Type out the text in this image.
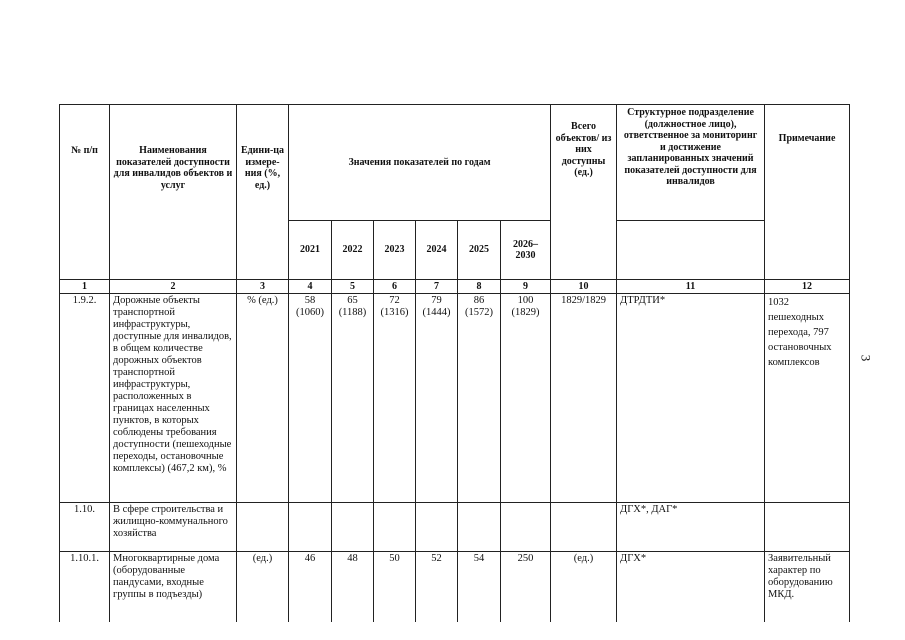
№ п/п	Наименования показателей доступности для инвалидов объектов и услуг	Едини-ца измере-ния (%, ед.)	Значения показателей по годам						Всего объектов/ из них доступны (ед.)	Структурное подразделение (должностное лицо), ответственное за мониторинг и достижение запланированных значений показателей доступности для инвалидов	Примечание
			2021	2022	2023	2024	2025	2026–2030			
1	2	3	4	5	6	7	8	9	10	11	12
1.9.2.	Дорожные объекты транспортной инфраструктуры, доступные для инвалидов, в общем количестве дорожных объектов транспортной инфраструктуры, расположенных в границах населенных пунктов, в которых соблюдены требования доступности (пешеходные переходы, остановочные комплексы) (467,2 км), %	% (ед.)	58 (1060)	65 (1188)	72 (1316)	79 (1444)	86 (1572)	100 (1829)	1829/1829	ДТРДТИ*	1032 пешеходных перехода, 797 остановочных комплексов
1.10.	В сфере строительства и жилищно-коммунального хозяйства									ДГХ*, ДАГ*	
1.10.1.	Многоквартирные дома (оборудованные пандусами, входные группы в подъезды)	(ед.)	46	48	50	52	54	250	(ед.)	ДГХ*	Заявительный характер по оборудованию МКД.
3
